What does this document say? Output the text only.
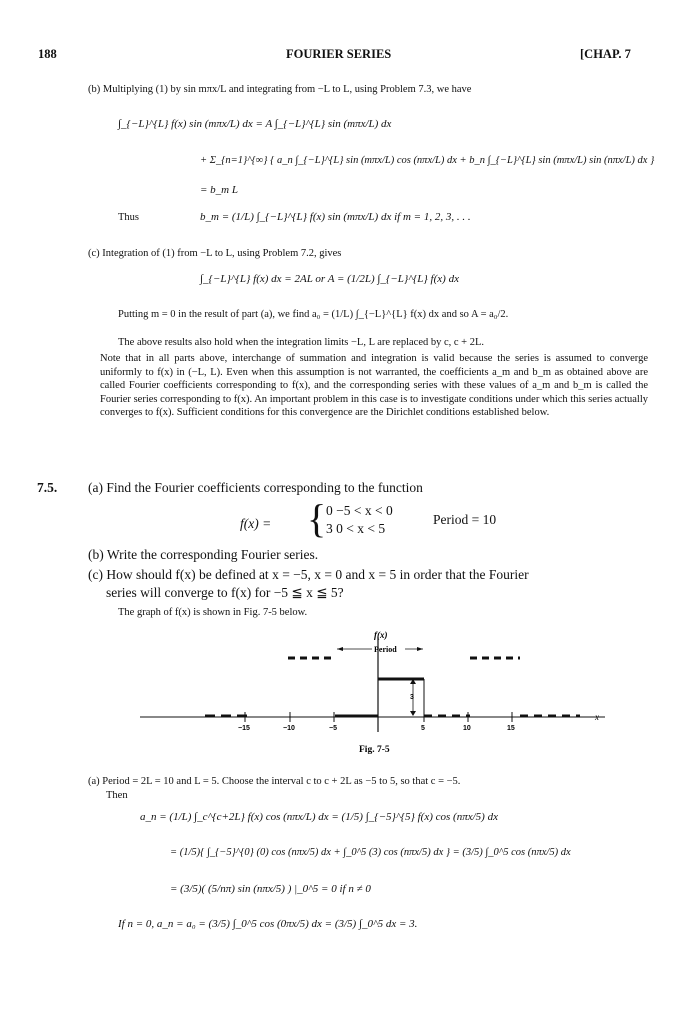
188	FOURIER SERIES	[CHAP. 7
(b) Multiplying (1) by sin mπx/L and integrating from −L to L, using Problem 7.3, we have
∫_{−L}^{L} f(x) sin (mπx/L) dx = A ∫_{−L}^{L} sin (mπx/L) dx
+ Σ_{n=1}^{∞} { a_n ∫_{−L}^{L} sin (mπx/L) cos (nπx/L) dx + b_n ∫_{−L}^{L} sin (mπx/L) sin (nπx/L) dx }
= b_m L
Thus	b_m = (1/L) ∫_{−L}^{L} f(x) sin (mπx/L) dx if m = 1, 2, 3, . . .
(c) Integration of (1) from −L to L, using Problem 7.2, gives
∫_{−L}^{L} f(x) dx = 2AL or A = (1/2L) ∫_{−L}^{L} f(x) dx
Putting m = 0 in the result of part (a), we find a₀ = (1/L) ∫_{−L}^{L} f(x) dx and so A = a₀/2.
The above results also hold when the integration limits −L, L are replaced by c, c + 2L.
Note that in all parts above, interchange of summation and integration is valid because the series is assumed to converge uniformly to f(x) in (−L, L). Even when this assumption is not warranted, the coefficients a_m and b_m as obtained above are called Fourier coefficients corresponding to f(x), and the corresponding series with these values of a_m and b_m is called the Fourier series corresponding to f(x). An important problem in this case is to investigate conditions under which this series actually converges to f(x). Sufficient conditions for this convergence are the Dirichlet conditions established below.
7.5. (a) Find the Fourier coefficients corresponding to the function
f(x) = { 0 −5 < x < 0
3 0 < x < 5
Period = 10
(b) Write the corresponding Fourier series.
(c) How should f(x) be defined at x = −5, x = 0 and x = 5 in order that the Fourier
series will converge to f(x) for −5 ≦ x ≦ 5?
The graph of f(x) is shown in Fig. 7-5 below.
f(x)
Period
3
x
−15	−10	−5	5	10	15
Fig. 7-5
(a) Period = 2L = 10 and L = 5. Choose the interval c to c + 2L as −5 to 5, so that c = −5.
Then
a_n = (1/L) ∫_c^{c+2L} f(x) cos (nπx/L) dx = (1/5) ∫_{−5}^{5} f(x) cos (nπx/5) dx
= (1/5){ ∫_{−5}^{0} (0) cos (nπx/5) dx + ∫_0^5 (3) cos (nπx/5) dx } = (3/5) ∫_0^5 cos (nπx/5) dx
= (3/5)( (5/nπ) sin (nπx/5) ) |_0^5 = 0 if n ≠ 0
If n = 0, a_n = a₀ = (3/5) ∫_0^5 cos (0πx/5) dx = (3/5) ∫_0^5 dx = 3.
